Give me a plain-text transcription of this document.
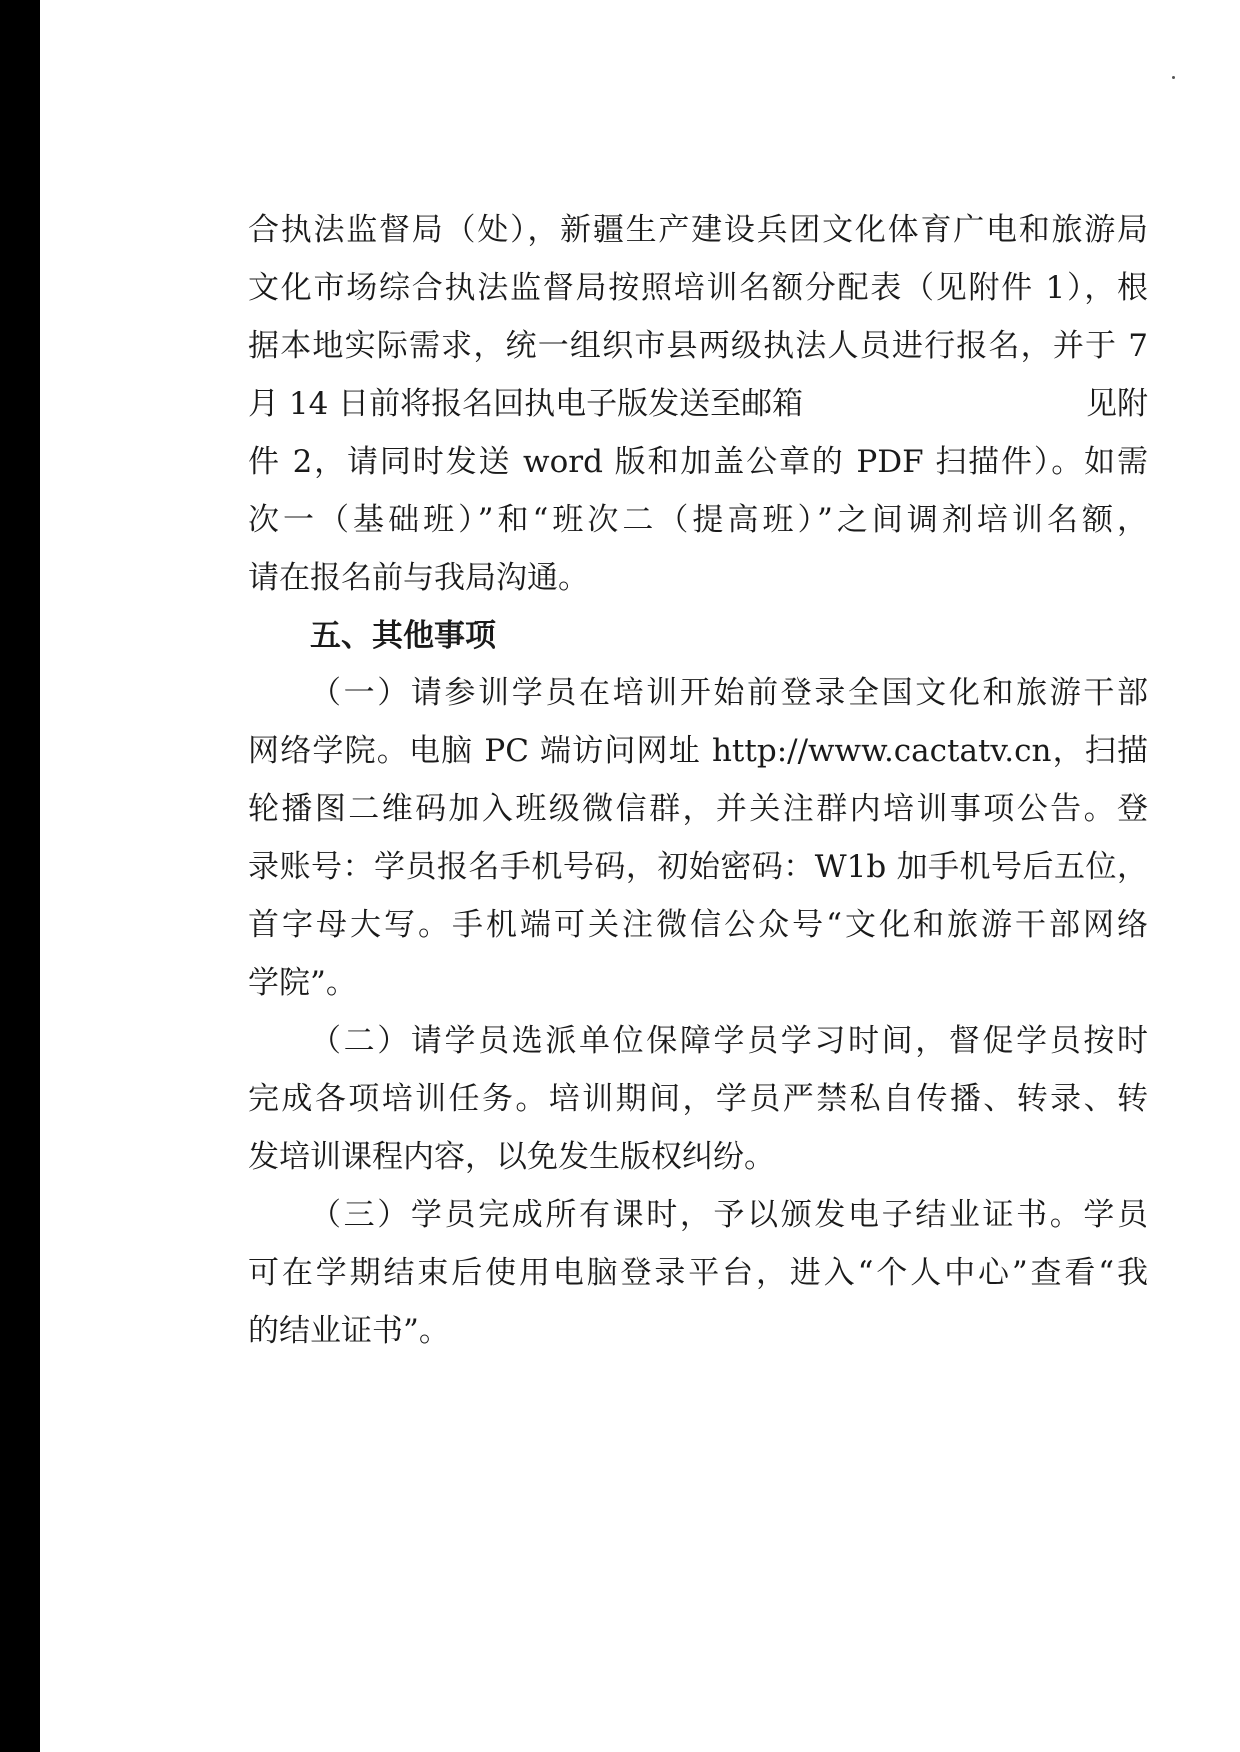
合执法监督局（处），新疆生产建设兵团文化体育广电和旅游局
文化市场综合执法监督局按照培训名额分配表（见附件 1），根
据本地实际需求，统一组织市县两级执法人员进行报名，并于 7
月 14 日前将报名回执电子版发送至邮箱	见附
件 2，请同时发送 word 版和加盖公章的 PDF 扫描件）。如需
次一（基础班）”和“班次二（提高班）”之间调剂培训名额，
请在报名前与我局沟通。
五、其他事项
（一）请参训学员在培训开始前登录全国文化和旅游干部
网络学院。电脑 PC 端访问网址 http://www.cactatv.cn，扫描
轮播图二维码加入班级微信群，并关注群内培训事项公告。登
录账号：学员报名手机号码，初始密码：W1b 加手机号后五位，
首字母大写。手机端可关注微信公众号“文化和旅游干部网络
学院”。
（二）请学员选派单位保障学员学习时间，督促学员按时
完成各项培训任务。培训期间，学员严禁私自传播、转录、转
发培训课程内容，以免发生版权纠纷。
（三）学员完成所有课时，予以颁发电子结业证书。学员
可在学期结束后使用电脑登录平台，进入“个人中心”查看“我
的结业证书”。
